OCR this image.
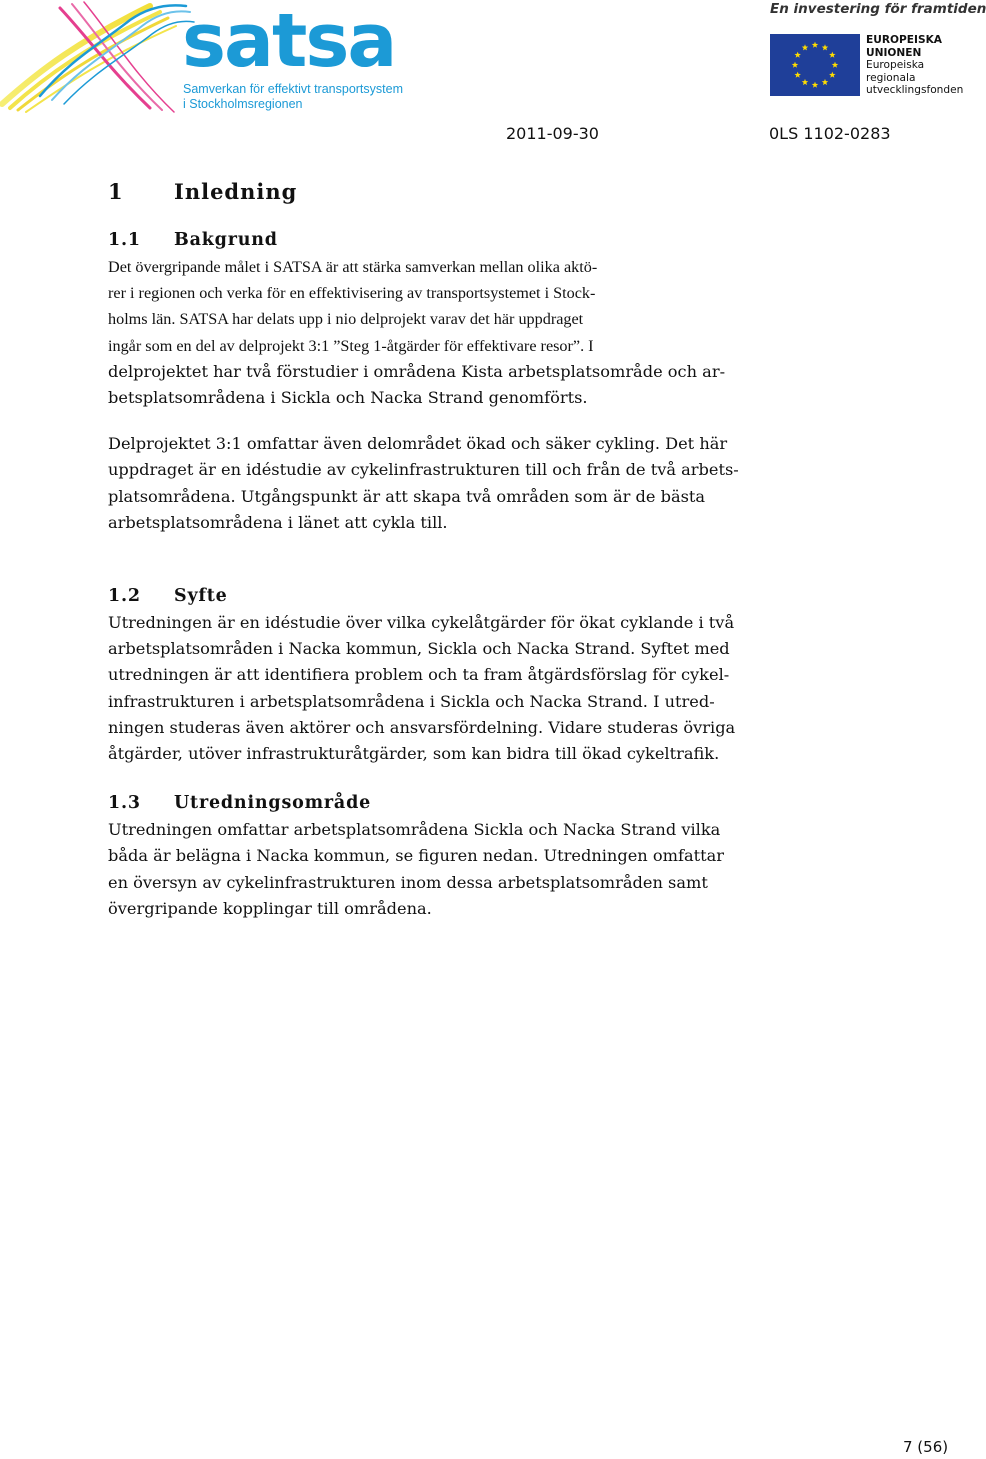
satsa
Samverkan för effektivt transportsystem
i Stockholmsregionen
En investering för framtiden
EUROPEISKA
UNIONEN
Europeiska
regionala
utvecklingsfonden
2011-09-30	0LS 1102-0283
1 Inledning
1.1 Bakgrund

Det övergripande målet i SATSA är att stärka samverkan mellan olika aktö-

rer i regionen och verka för en effektivisering av transportsystemet i Stock-

holms län. SATSA har delats upp i nio delprojekt varav det här uppdraget

ingår som en del av delprojekt 3:1 ”Steg 1-åtgärder för effektivare resor”. I

delprojektet har två förstudier i områdena Kista arbetsplatsområde och ar-

betsplatsområdena i Sickla och Nacka Strand genomförts.

Delprojektet 3:1 omfattar även delområdet ökad och säker cykling. Det här

uppdraget är en idéstudie av cykelinfrastrukturen till och från de två arbets-

platsområdena. Utgångspunkt är att skapa två områden som är de bästa

arbetsplatsområdena i länet att cykla till.

1.2 Syfte

Utredningen är en idéstudie över vilka cykelåtgärder för ökat cyklande i två

arbetsplatsområden i Nacka kommun, Sickla och Nacka Strand. Syftet med

utredningen är att identifiera problem och ta fram åtgärdsförslag för cykel-

infrastrukturen i arbetsplatsområdena i Sickla och Nacka Strand. I utred-

ningen studeras även aktörer och ansvarsfördelning. Vidare studeras övriga

åtgärder, utöver infrastrukturåtgärder, som kan bidra till ökad cykeltrafik.

1.3 Utredningsområde

Utredningen omfattar arbetsplatsområdena Sickla och Nacka Strand vilka

båda är belägna i Nacka kommun, se figuren nedan. Utredningen omfattar

en översyn av cykelinfrastrukturen inom dessa arbetsplatsområden samt

övergripande kopplingar till områdena.

7 (56)
